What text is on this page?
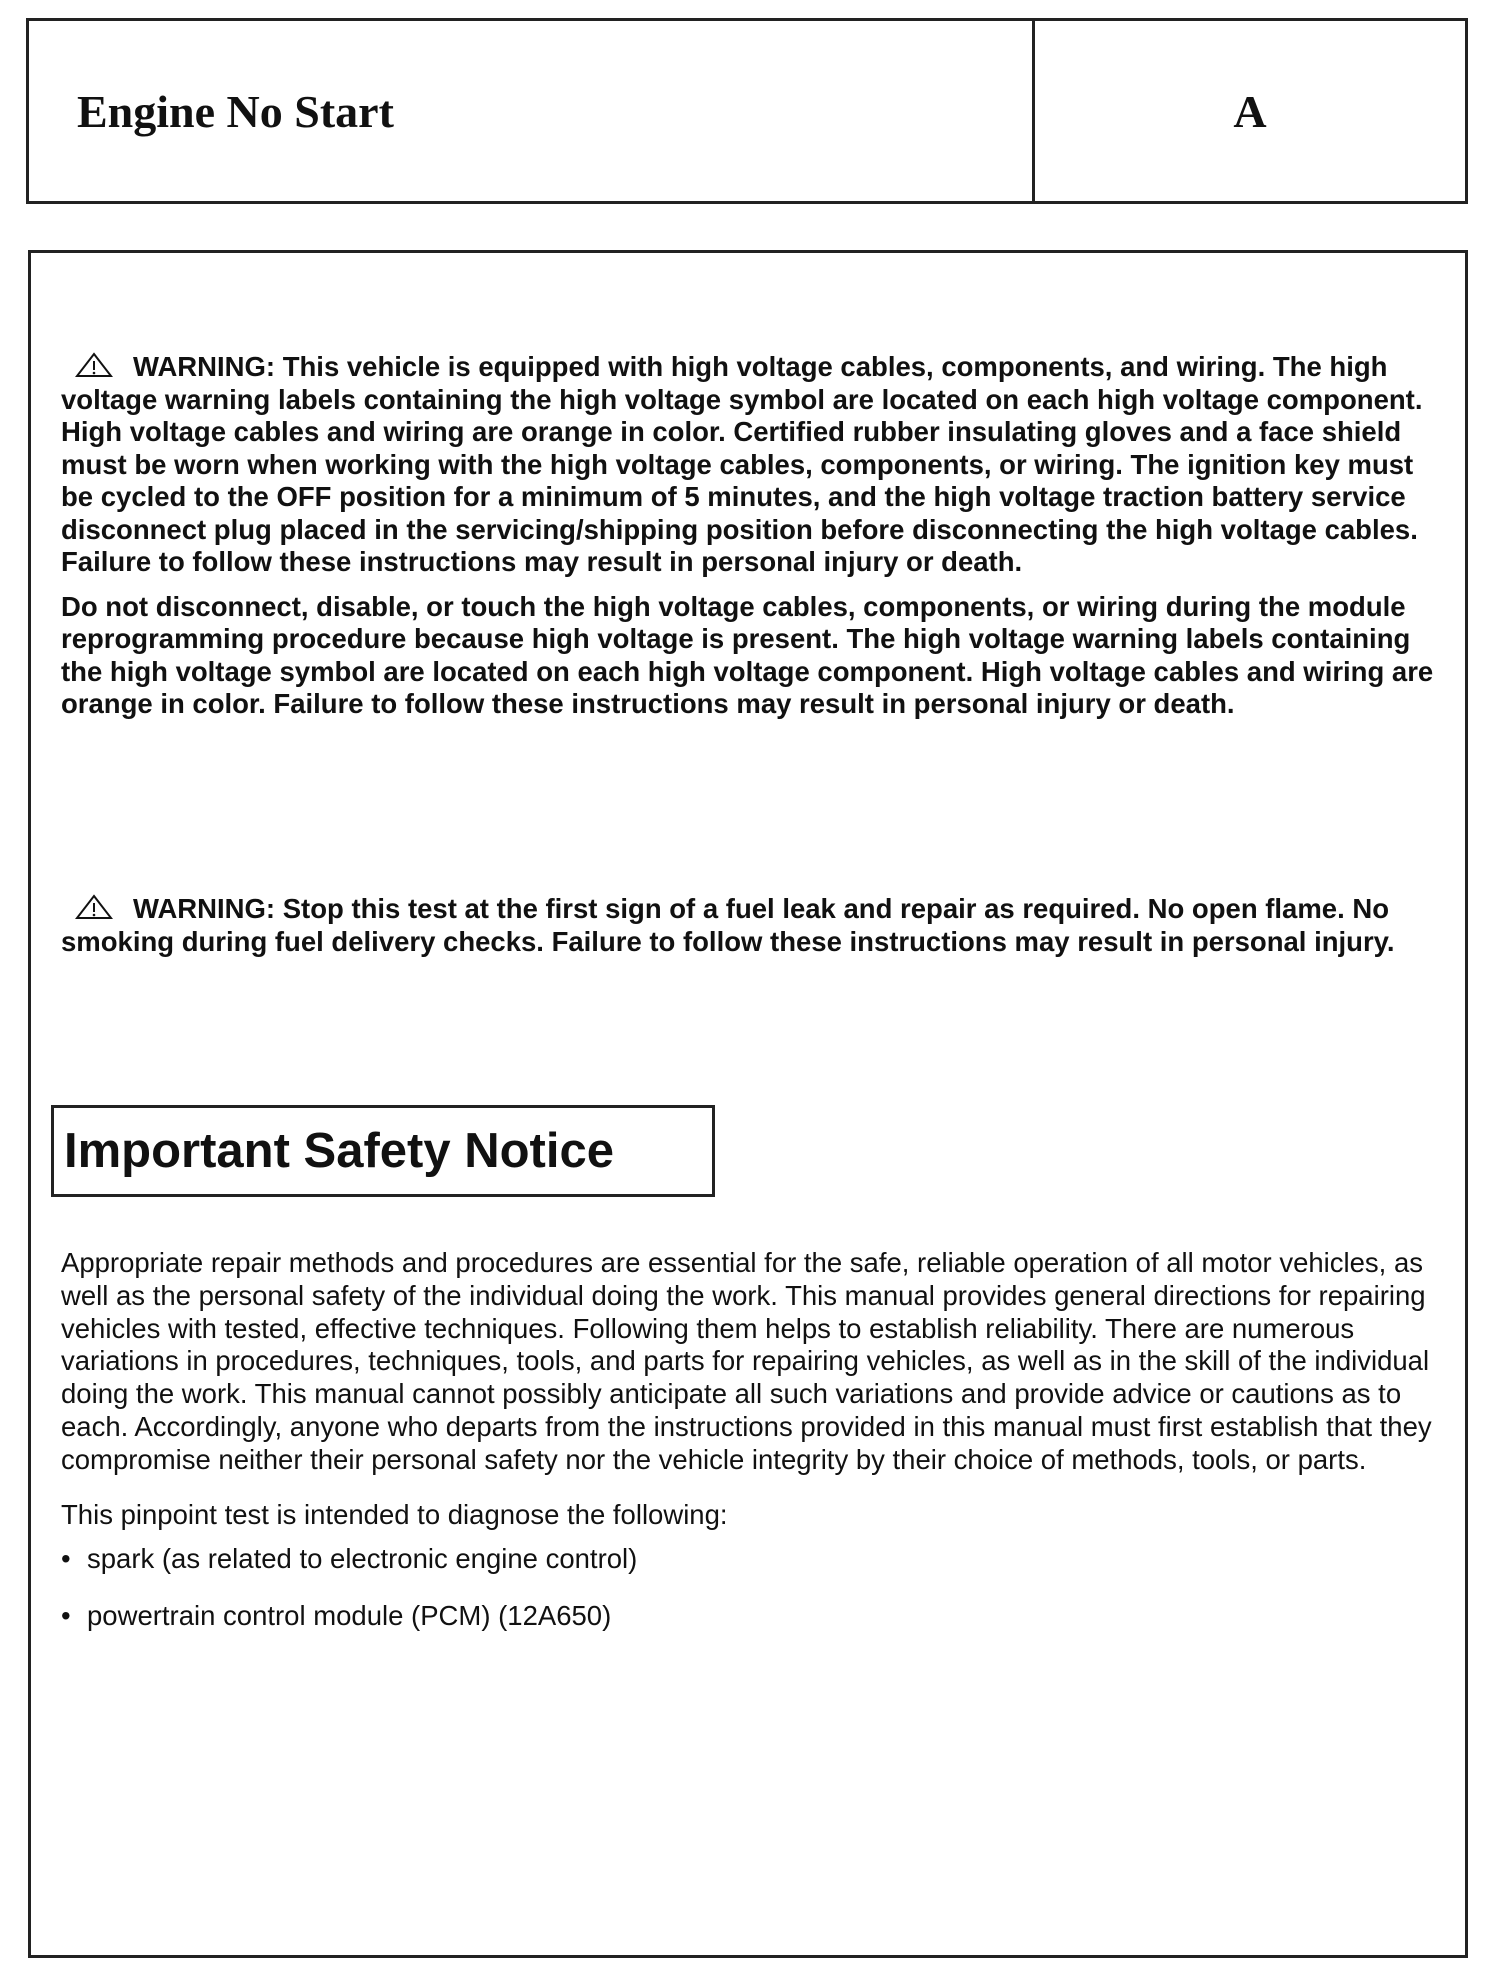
Engine No Start	A

WARNING: This vehicle is equipped with high voltage cables, components, and wiring. The high voltage warning labels containing the high voltage symbol are located on each high voltage component. High voltage cables and wiring are orange in color. Certified rubber insulating gloves and a face shield must be worn when working with the high voltage cables, components, or wiring. The ignition key must be cycled to the OFF position for a minimum of 5 minutes, and the high voltage traction battery service disconnect plug placed in the servicing/shipping position before disconnecting the high voltage cables. Failure to follow these instructions may result in personal injury or death.

Do not disconnect, disable, or touch the high voltage cables, components, or wiring during the module reprogramming procedure because high voltage is present. The high voltage warning labels containing the high voltage symbol are located on each high voltage component. High voltage cables and wiring are orange in color. Failure to follow these instructions may result in personal injury or death.

WARNING: Stop this test at the first sign of a fuel leak and repair as required. No open flame. No smoking during fuel delivery checks. Failure to follow these instructions may result in personal injury.

Important Safety Notice

Appropriate repair methods and procedures are essential for the safe, reliable operation of all motor vehicles, as well as the personal safety of the individual doing the work. This manual provides general directions for repairing vehicles with tested, effective techniques. Following them helps to establish reliability. There are numerous variations in procedures, techniques, tools, and parts for repairing vehicles, as well as in the skill of the individual doing the work. This manual cannot possibly anticipate all such variations and provide advice or cautions as to each. Accordingly, anyone who departs from the instructions provided in this manual must first establish that they compromise neither their personal safety nor the vehicle integrity by their choice of methods, tools, or parts.

This pinpoint test is intended to diagnose the following:

• spark (as related to electronic engine control)
• powertrain control module (PCM) (12A650)
